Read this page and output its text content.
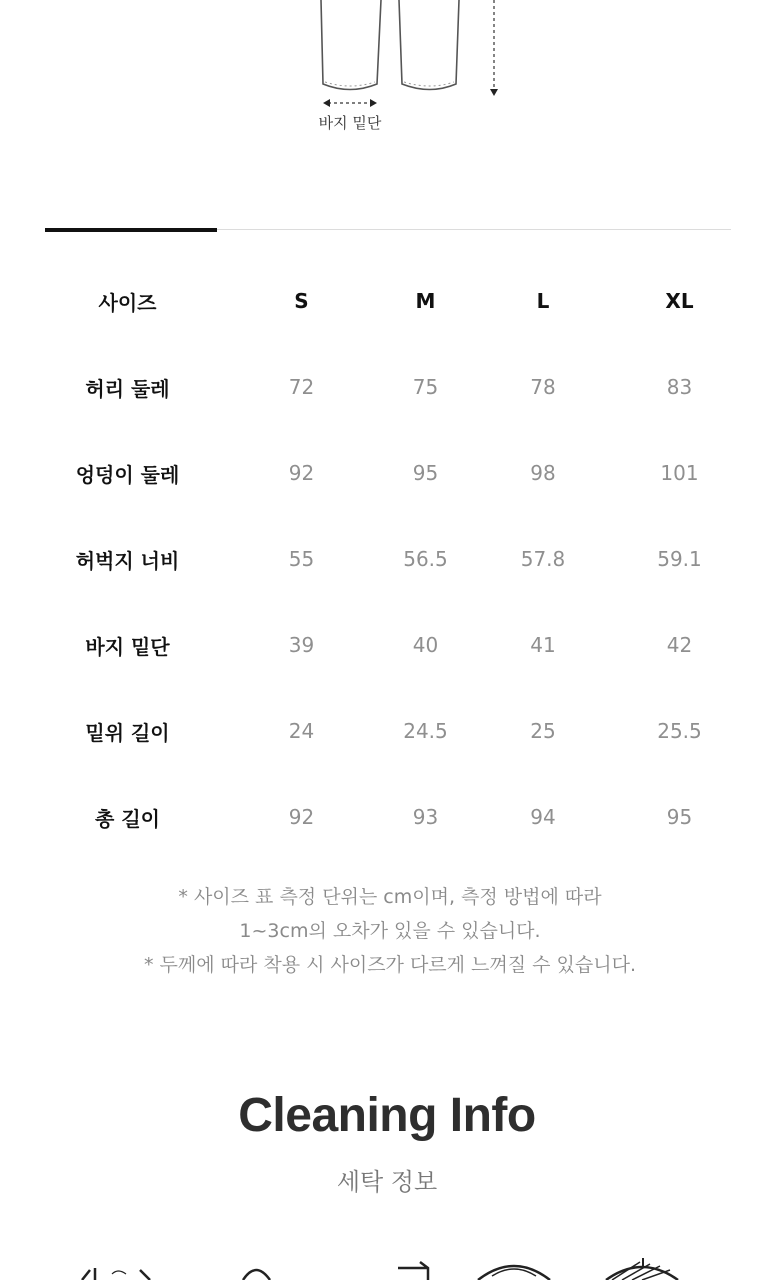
바지 밑단
사이즈	S	M	L	XL
허리 둘레	72	75	78	83
엉덩이 둘레	92	95	98	101
허벅지 너비	55	56.5	57.8	59.1
바지 밑단	39	40	41	42
밑위 길이	24	24.5	25	25.5
총 길이	92	93	94	95
* 사이즈 표 측정 단위는 cm이며, 측정 방법에 따라
1~3cm의 오차가 있을 수 있습니다.
* 두께에 따라 착용 시 사이즈가 다르게 느껴질 수 있습니다.
Cleaning Info
세탁 정보
